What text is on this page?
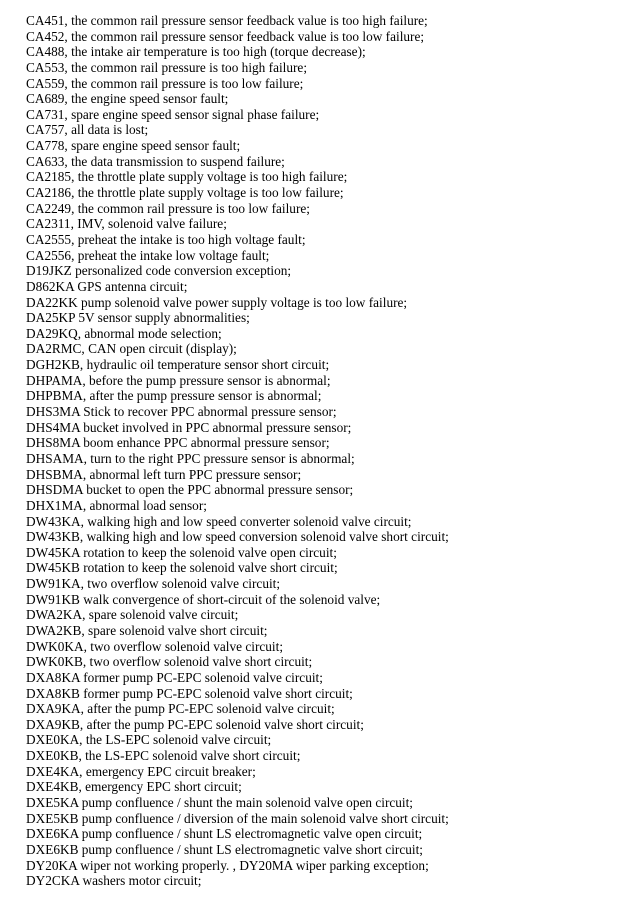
CA451, the common rail pressure sensor feedback value is too high failure;
CA452, the common rail pressure sensor feedback value is too low failure;
CA488, the intake air temperature is too high (torque decrease);
CA553, the common rail pressure is too high failure;
CA559, the common rail pressure is too low failure;
CA689, the engine speed sensor fault;
CA731, spare engine speed sensor signal phase failure;
CA757, all data is lost;
CA778, spare engine speed sensor fault;
CA633, the data transmission to suspend failure;
CA2185, the throttle plate supply voltage is too high failure;
CA2186, the throttle plate supply voltage is too low failure;
CA2249, the common rail pressure is too low failure;
CA2311, IMV, solenoid valve failure;
CA2555, preheat the intake is too high voltage fault;
CA2556, preheat the intake low voltage fault;
D19JKZ personalized code conversion exception;
D862KA GPS antenna circuit;
DA22KK pump solenoid valve power supply voltage is too low failure;
DA25KP 5V sensor supply abnormalities;
DA29KQ, abnormal mode selection;
DA2RMC, CAN open circuit (display);
DGH2KB, hydraulic oil temperature sensor short circuit;
DHPAMA, before the pump pressure sensor is abnormal;
DHPBMA, after the pump pressure sensor is abnormal;
DHS3MA Stick to recover PPC abnormal pressure sensor;
DHS4MA bucket involved in PPC abnormal pressure sensor;
DHS8MA boom enhance PPC abnormal pressure sensor;
DHSAMA, turn to the right PPC pressure sensor is abnormal;
DHSBMA, abnormal left turn PPC pressure sensor;
DHSDMA bucket to open the PPC abnormal pressure sensor;
DHX1MA, abnormal load sensor;
DW43KA, walking high and low speed converter solenoid valve circuit;
DW43KB, walking high and low speed conversion solenoid valve short circuit;
DW45KA rotation to keep the solenoid valve open circuit;
DW45KB rotation to keep the solenoid valve short circuit;
DW91KA, two overflow solenoid valve circuit;
DW91KB walk convergence of short-circuit of the solenoid valve;
DWA2KA, spare solenoid valve circuit;
DWA2KB, spare solenoid valve short circuit;
DWK0KA, two overflow solenoid valve circuit;
DWK0KB, two overflow solenoid valve short circuit;
DXA8KA former pump PC-EPC solenoid valve circuit;
DXA8KB former pump PC-EPC solenoid valve short circuit;
DXA9KA, after the pump PC-EPC solenoid valve circuit;
DXA9KB, after the pump PC-EPC solenoid valve short circuit;
DXE0KA, the LS-EPC solenoid valve circuit;
DXE0KB, the LS-EPC solenoid valve short circuit;
DXE4KA, emergency EPC circuit breaker;
DXE4KB, emergency EPC short circuit;
DXE5KA pump confluence / shunt the main solenoid valve open circuit;
DXE5KB pump confluence / diversion of the main solenoid valve short circuit;
DXE6KA pump confluence / shunt LS electromagnetic valve open circuit;
DXE6KB pump confluence / shunt LS electromagnetic valve short circuit;
DY20KA wiper not working properly. , DY20MA wiper parking exception;
DY2CKA washers motor circuit;
